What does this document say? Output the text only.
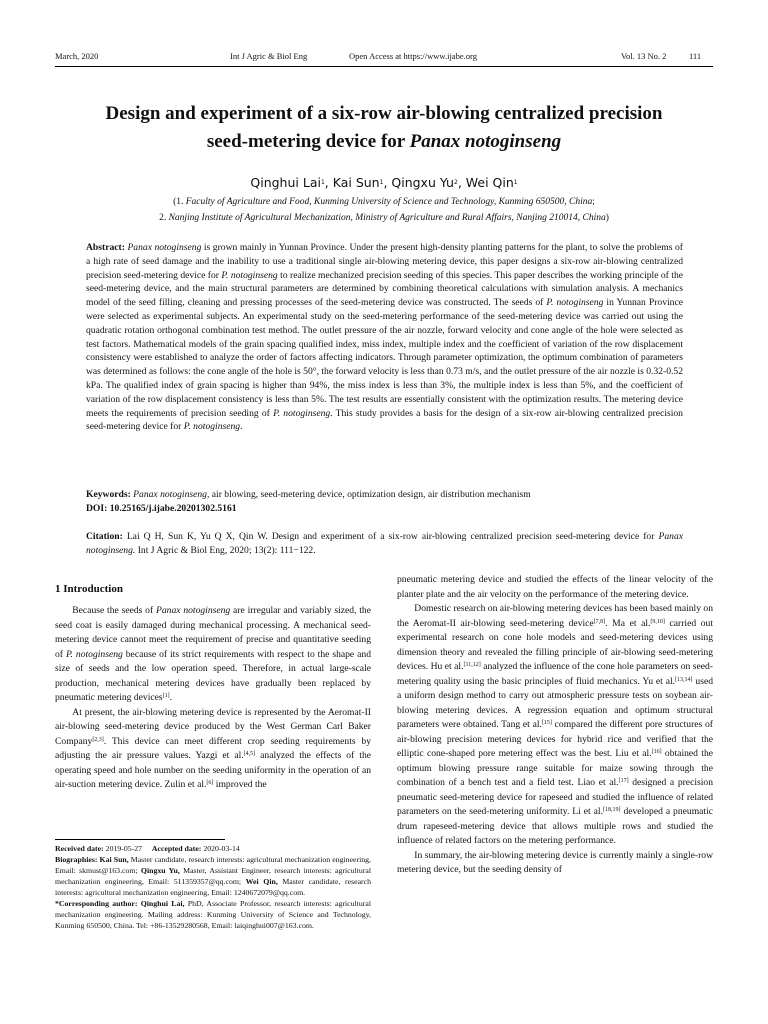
March, 2020	Int J Agric & Biol Eng	Open Access at https://www.ijabe.org	Vol. 13 No. 2	111
Design and experiment of a six-row air-blowing centralized precision
seed-metering device for Panax notoginseng
Qinghui Lai$^1$, Kai Sun$^1$, Qingxu Yu$^2$, Wei Qin$^1$
(1. Faculty of Agriculture and Food, Kunming University of Science and Technology, Kunming 650500, China;
2. Nanjing Institute of Agricultural Mechanization, Ministry of Agriculture and Rural Affairs, Nanjing 210014, China)
Abstract: Panax notoginseng is grown mainly in Yunnan Province. Under the present high-density planting patterns for the plant, to solve the problems of a high rate of seed damage and the inability to use a traditional single air-blowing metering device, this paper designs a six-row air-blowing centralized precision seed-metering device for P. notoginseng to realize mechanized precision seeding of this species. This paper describes the working principle of the seed-metering device, and the main structural parameters are determined by combining theoretical calculations with simulation analysis. A mechanics model of the seed filling, cleaning and pressing processes of the seed-metering device was constructed. The seeds of P. notoginseng in Yunnan Province were selected as experimental subjects. An experimental study on the seed-metering performance of the seed-metering device was carried out using the quadratic rotation orthogonal combination test method. The outlet pressure of the air nozzle, forward velocity and cone angle of the hole were selected as test factors. Mathematical models of the grain spacing qualified index, miss index, multiple index and the coefficient of variation of the row displacement consistency were established to analyze the order of factors affecting indicators. Through parameter optimization, the optimum combination of parameters was determined as follows: the cone angle of the hole is 50°, the forward velocity is less than 0.73 m/s, and the outlet pressure of the air nozzle is 0.32-0.52 kPa. The qualified index of grain spacing is higher than 94%, the miss index is less than 3%, the multiple index is less than 5%, and the coefficient of variation of the row displacement consistency is less than 5%. The test results are essentially consistent with the optimization results. The metering device meets the requirements of precision seeding of P. notoginseng. This study provides a basis for the design of a six-row air-blowing centralized precision seed-metering device for P. notoginseng.
Keywords: Panax notoginseng, air blowing, seed-metering device, optimization design, air distribution mechanism
DOI: 10.25165/j.ijabe.20201302.5161
Citation: Lai Q H, Sun K, Yu Q X, Qin W. Design and experiment of a six-row air-blowing centralized precision seed-metering device for Panax notoginseng. Int J Agric & Biol Eng, 2020; 13(2): 111−122.
1 Introduction

Because the seeds of Panax notoginseng are irregular and variably sized, the seed coat is easily damaged during mechanical processing. A mechanical seed-metering device cannot meet the requirement of precise and quantitative seeding of P. notoginseng because of its strict requirements with respect to the shape and size of seeds and the low operation speed. Therefore, in actual large-scale production, mechanical metering devices have gradually been replaced by pneumatic metering devices[1].

At present, the air-blowing metering device is represented by the Aeromat-II air-blowing seed-metering device produced by the West German Carl Baker Company[2,3]. This device can meet different crop seeding requirements by adjusting the air pressure values. Yazgi et al.[4,5] analyzed the effects of the operating speed and hole number on the seeding uniformity in the operation of an air-suction metering device. Zulin et al.[6] improved the

Received date: 2019-05-27 Accepted date: 2020-03-14

Biographies: Kai Sun, Master candidate, research interests: agricultural mechanization engineering, Email: skmust@163.com; Qingxu Yu, Master, Assistant Engineer, research interests: agricultural mechanization engineering, Email: 511359357@qq.com; Wei Qin, Master candidate, research interests: agricultural mechanization engineering, Email: 1240672079@qq.com.

*Corresponding author: Qinghui Lai, PhD, Associate Professor, research interests: agricultural mechanization engineering. Mailing address: Kunming University of Science and Technology, Kunming 650500, China. Tel: +86-13529280568, Email: laiqinghui007@163.com.

pneumatic metering device and studied the effects of the linear velocity of the planter plate and the air velocity on the performance of the metering device.

Domestic research on air-blowing metering devices has been based mainly on the Aeromat-II air-blowing seed-metering device[7,8]. Ma et al.[9,10] carried out experimental research on cone hole models and seed-metering devices using dimension theory and revealed the filling principle of air-blowing seed-metering devices. Hu et al.[11,12] analyzed the influence of the cone hole parameters on seed-metering quality using the basic principles of fluid mechanics. Yu et al.[13,14] used a uniform design method to carry out atmospheric pressure tests on soybean air-blowing metering devices. A regression equation and optimum structural parameters were obtained. Tang et al.[15] compared the different pore structures of air-blowing precision metering devices for hybrid rice and verified that the elliptic cone-shaped pore metering effect was the best. Liu et al.[16] obtained the optimum blowing pressure range suitable for maize sowing through the combination of a bench test and a field test. Liao et al.[17] designed a precision pneumatic seed-metering device for rapeseed and studied the influence of related parameters on the seed-metering uniformity. Li et al.[18,19] developed a pneumatic drum rapeseed-metering device that allows multiple rows and studied the influence of related factors on the metering performance.

In summary, the air-blowing metering device is currently mainly a single-row metering device, but the seeding density of
